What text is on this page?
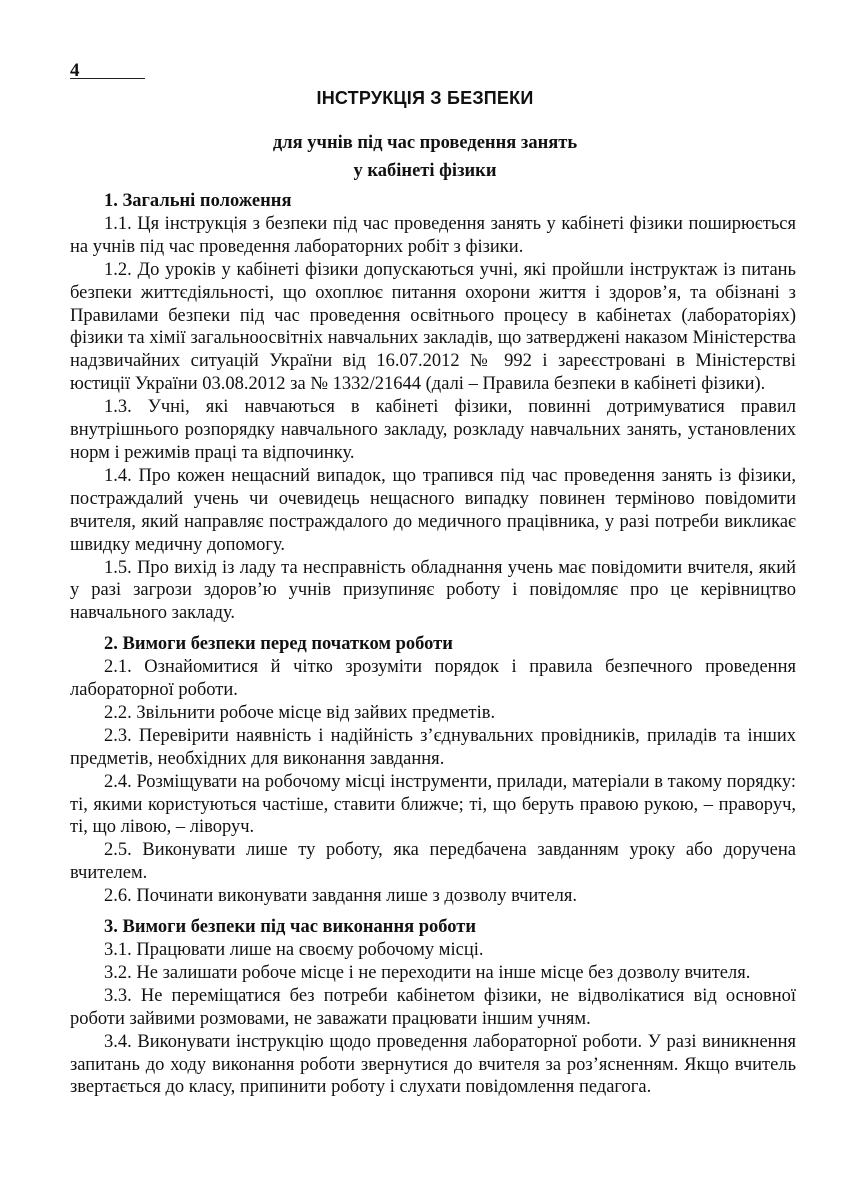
4
ІНСТРУКЦІЯ З БЕЗПЕКИ
для учнів під час проведення занять
у кабінеті фізики
1. Загальні положення

1.1. Ця інструкція з безпеки під час проведення занять у кабінеті фізики поширюється на учнів під час проведення лабораторних робіт з фізики.

1.2. До уроків у кабінеті фізики допускаються учні, які пройшли інструктаж із питань безпеки життєдіяльності, що охоплює питання охорони життя і здоров’я, та обізнані з Правилами безпеки під час проведення освітнього процесу в кабінетах (лабораторіях) фізики та хімії загальноосвітніх навчальних закладів, що затверджені наказом Міністерства надзвичайних ситуацій України від 16.07.2012 № 992 і зареєстровані в Міністерстві юстиції України 03.08.2012 за № 1332/21644 (далі – Правила безпеки в кабінеті фізики).

1.3. Учні, які навчаються в кабінеті фізики, повинні дотримуватися правил внутрішнього розпорядку навчального закладу, розкладу навчальних занять, установлених норм і режимів праці та відпочинку.

1.4. Про кожен нещасний випадок, що трапився під час проведення занять із фізики, постраждалий учень чи очевидець нещасного випадку повинен терміново повідомити вчителя, який направляє постраждалого до медичного працівника, у разі потреби викликає швидку медичну допомогу.

1.5. Про вихід із ладу та несправність обладнання учень має повідомити вчителя, який у разі загрози здоров’ю учнів призупиняє роботу і повідомляє про це керівництво навчального закладу.

2. Вимоги безпеки перед початком роботи

2.1. Ознайомитися й чітко зрозуміти порядок і правила безпечного проведення лабораторної роботи.

2.2. Звільнити робоче місце від зайвих предметів.

2.3. Перевірити наявність і надійність з’єднувальних провідників, приладів та інших предметів, необхідних для виконання завдання.

2.4. Розміщувати на робочому місці інструменти, прилади, матеріали в такому порядку: ті, якими користуються частіше, ставити ближче; ті, що беруть правою рукою, – праворуч, ті, що лівою, – ліворуч.

2.5. Виконувати лише ту роботу, яка передбачена завданням уроку або доручена вчителем.

2.6. Починати виконувати завдання лише з дозволу вчителя.

3. Вимоги безпеки під час виконання роботи

3.1. Працювати лише на своєму робочому місці.

3.2. Не залишати робоче місце і не переходити на інше місце без дозволу вчителя.

3.3. Не переміщатися без потреби кабінетом фізики, не відволікатися від основної роботи зайвими розмовами, не заважати працювати іншим учням.

3.4. Виконувати інструкцію щодо проведення лабораторної роботи. У разі виникнення запитань до ходу виконання роботи звернутися до вчителя за роз’ясненням. Якщо вчитель звертається до класу, припинити роботу і слухати повідомлення педагога.
